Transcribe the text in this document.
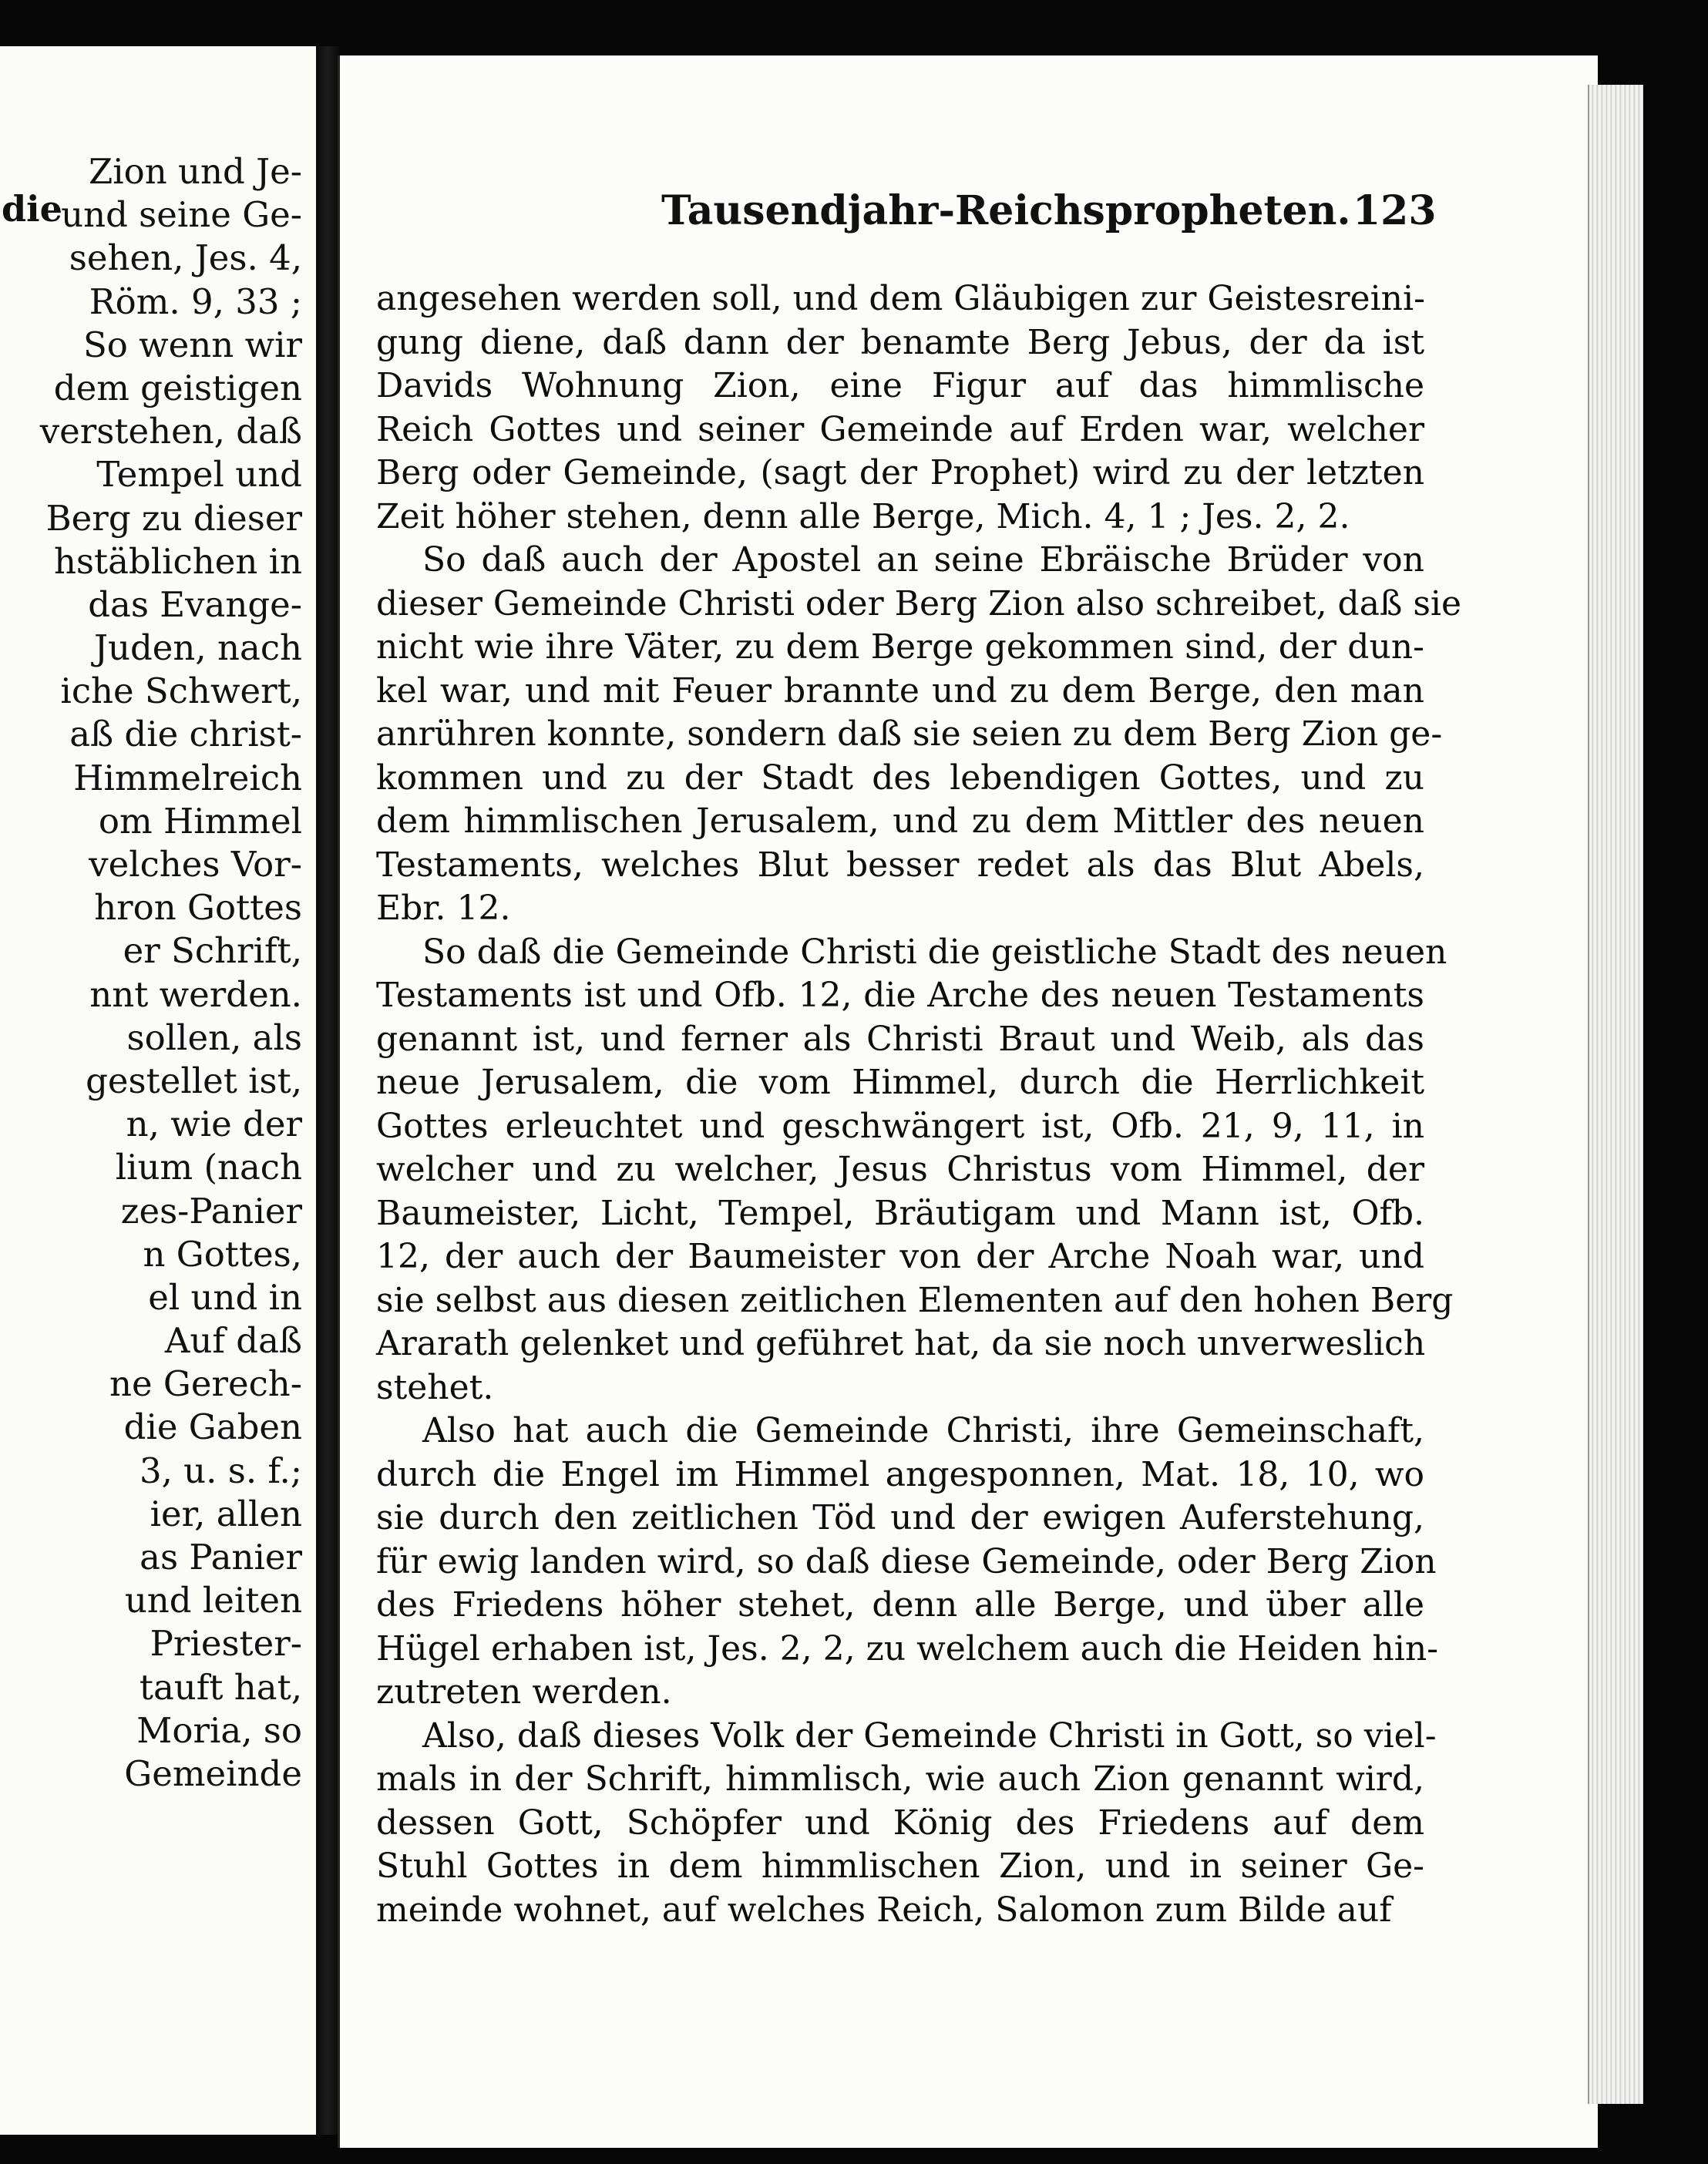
die
Zion und Je-
und seine Ge-
sehen, Jes. 4,
Röm. 9, 33 ;
So wenn wir
dem geistigen
verstehen, daß
Tempel und
Berg zu dieser
hstäblichen in
das Evange-
Juden, nach
iche Schwert,
aß die christ-
Himmelreich
om Himmel
velches Vor-
hron Gottes
er Schrift,
nnt werden.
sollen, als
gestellet ist,
n, wie der
lium (nach
zes-Panier
n Gottes,
el und in
Auf daß
ne Gerech-
die Gaben
3, u. s. f.;
ier, allen
as Panier
und leiten
Priester-
tauft hat,
Moria, so
Gemeinde
Tausendjahr-Reichspropheten. 123
angesehen werden soll, und dem Gläubigen zur Geistesreini-
gung diene, daß dann der benamte Berg Jebus, der da ist
Davids Wohnung Zion, eine Figur auf das himmlische
Reich Gottes und seiner Gemeinde auf Erden war, welcher
Berg oder Gemeinde, (sagt der Prophet) wird zu der letzten
Zeit höher stehen, denn alle Berge, Mich. 4, 1 ; Jes. 2, 2.
So daß auch der Apostel an seine Ebräische Brüder von
dieser Gemeinde Christi oder Berg Zion also schreibet, daß sie
nicht wie ihre Väter, zu dem Berge gekommen sind, der dun-
kel war, und mit Feuer brannte und zu dem Berge, den man
anrühren konnte, sondern daß sie seien zu dem Berg Zion ge-
kommen und zu der Stadt des lebendigen Gottes, und zu
dem himmlischen Jerusalem, und zu dem Mittler des neuen
Testaments, welches Blut besser redet als das Blut Abels,
Ebr. 12.
So daß die Gemeinde Christi die geistliche Stadt des neuen
Testaments ist und Ofb. 12, die Arche des neuen Testaments
genannt ist, und ferner als Christi Braut und Weib, als das
neue Jerusalem, die vom Himmel, durch die Herrlichkeit
Gottes erleuchtet und geschwängert ist, Ofb. 21, 9, 11, in
welcher und zu welcher, Jesus Christus vom Himmel, der
Baumeister, Licht, Tempel, Bräutigam und Mann ist, Ofb.
12, der auch der Baumeister von der Arche Noah war, und
sie selbst aus diesen zeitlichen Elementen auf den hohen Berg
Ararath gelenket und geführet hat, da sie noch unverweslich
stehet.
Also hat auch die Gemeinde Christi, ihre Gemeinschaft,
durch die Engel im Himmel angesponnen, Mat. 18, 10, wo
sie durch den zeitlichen Töd und der ewigen Auferstehung,
für ewig landen wird, so daß diese Gemeinde, oder Berg Zion
des Friedens höher stehet, denn alle Berge, und über alle
Hügel erhaben ist, Jes. 2, 2, zu welchem auch die Heiden hin-
zutreten werden.
Also, daß dieses Volk der Gemeinde Christi in Gott, so viel-
mals in der Schrift, himmlisch, wie auch Zion genannt wird,
dessen Gott, Schöpfer und König des Friedens auf dem
Stuhl Gottes in dem himmlischen Zion, und in seiner Ge-
meinde wohnet, auf welches Reich, Salomon zum Bilde auf
